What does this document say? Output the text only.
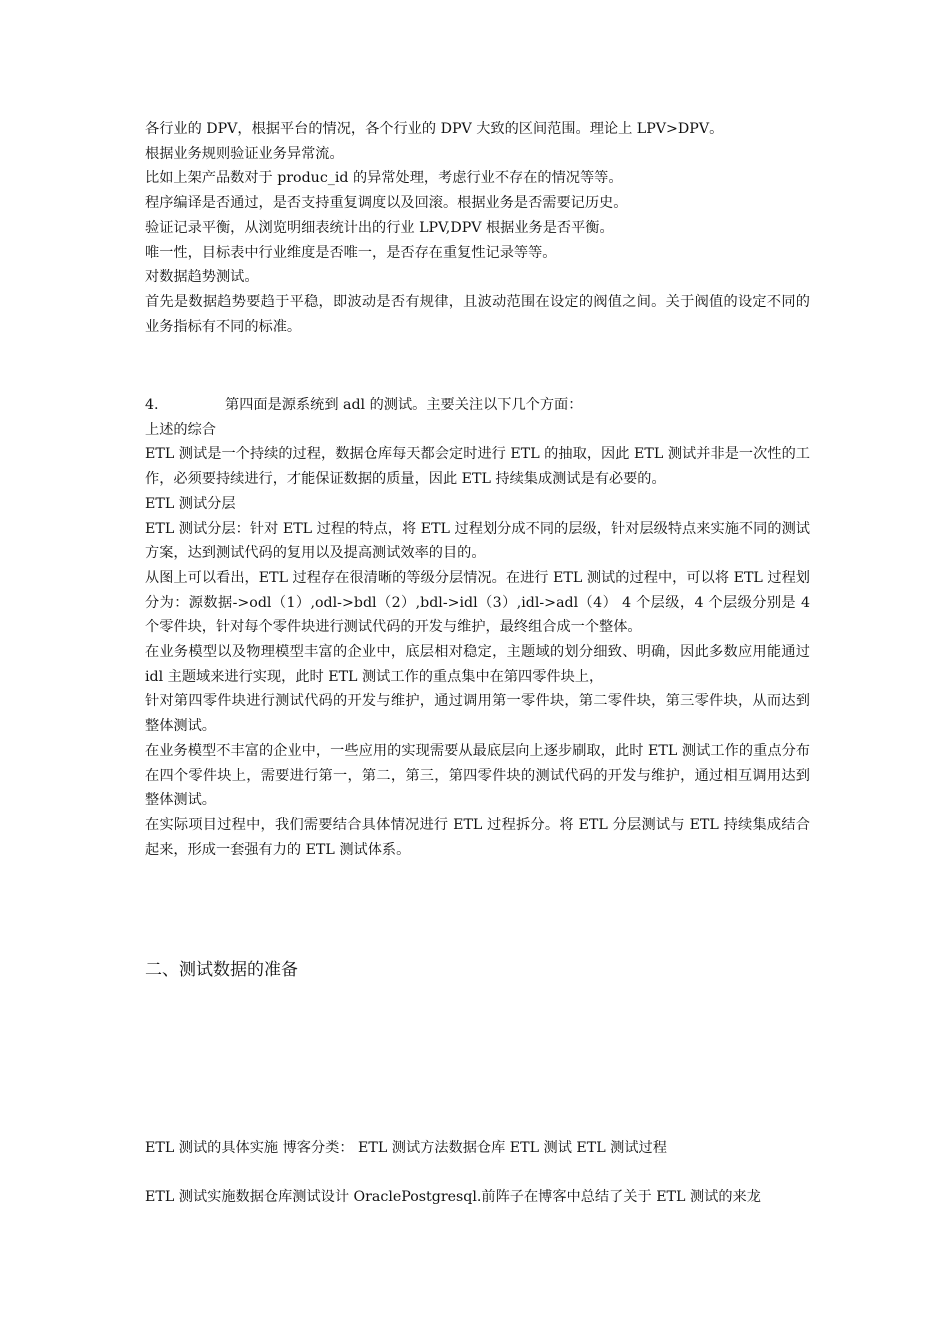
各行业的 DPV，根据平台的情况，各个行业的 DPV 大致的区间范围。理论上 LPV>DPV。

根据业务规则验证业务异常流。

比如上架产品数对于 produc_id 的异常处理，考虑行业不存在的情况等等。

程序编译是否通过，是否支持重复调度以及回滚。根据业务是否需要记历史。

验证记录平衡，从浏览明细表统计出的行业 LPV,DPV 根据业务是否平衡。

唯一性，目标表中行业维度是否唯一，是否存在重复性记录等等。

对数据趋势测试。

首先是数据趋势要趋于平稳，即波动是否有规律，且波动范围在设定的阀值之间。关于阀值的设定不同的业务指标有不同的标准。

4.	第四面是源系统到 adl 的测试。主要关注以下几个方面：

上述的综合

ETL 测试是一个持续的过程，数据仓库每天都会定时进行 ETL 的抽取，因此 ETL 测试并非是一次性的工作，必须要持续进行，才能保证数据的质量，因此 ETL 持续集成测试是有必要的。

ETL 测试分层

ETL 测试分层：针对 ETL 过程的特点，将 ETL 过程划分成不同的层级，针对层级特点来实施不同的测试方案，达到测试代码的复用以及提高测试效率的目的。

从图上可以看出，ETL 过程存在很清晰的等级分层情况。在进行 ETL 测试的过程中，可以将 ETL 过程划分为：源数据->odl（1）,odl->bdl（2）,bdl->idl（3）,idl->adl（4） 4 个层级，4 个层级分别是 4 个零件块，针对每个零件块进行测试代码的开发与维护，最终组合成一个整体。

在业务模型以及物理模型丰富的企业中，底层相对稳定，主题域的划分细致、明确，因此多数应用能通过 idl 主题域来进行实现，此时 ETL 测试工作的重点集中在第四零件块上，

针对第四零件块进行测试代码的开发与维护，通过调用第一零件块，第二零件块，第三零件块，从而达到整体测试。

在业务模型不丰富的企业中，一些应用的实现需要从最底层向上逐步刷取，此时 ETL 测试工作的重点分布在四个零件块上，需要进行第一，第二，第三，第四零件块的测试代码的开发与维护，通过相互调用达到整体测试。

在实际项目过程中，我们需要结合具体情况进行 ETL 过程拆分。将 ETL 分层测试与 ETL 持续集成结合起来，形成一套强有力的 ETL 测试体系。

二、测试数据的准备

ETL 测试的具体实施 博客分类： ETL 测试方法数据仓库 ETL 测试 ETL 测试过程

ETL 测试实施数据仓库测试设计 OraclePostgresql.前阵子在博客中总结了关于 ETL 测试的来龙
